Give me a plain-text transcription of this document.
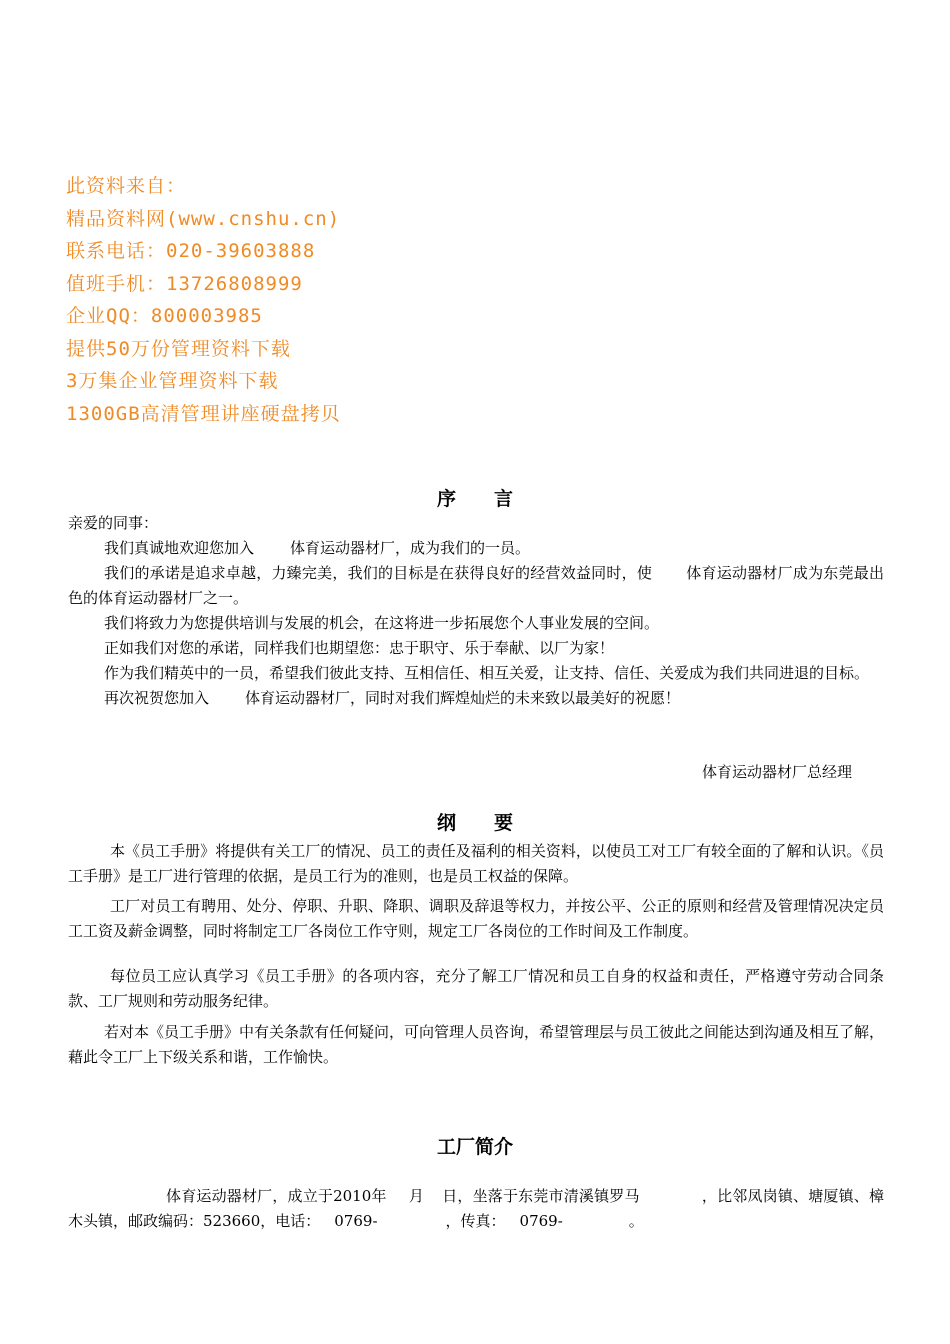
此资料来自：
精品资料网(www.cnshu.cn)
联系电话：020-39603888
值班手机：13726808999
企业QQ：800003985
提供50万份管理资料下载
3万集企业管理资料下载
1300GB高清管理讲座硬盘拷贝
序　　言

亲爱的同事：

我们真诚地欢迎您加入 体育运动器材厂，成为我们的一员。

我们的承诺是追求卓越，力臻完美，我们的目标是在获得良好的经营效益同时，使 体育运动器材厂成为东莞最出色的体育运动器材厂之一。

我们将致力为您提供培训与发展的机会，在这将进一步拓展您个人事业发展的空间。

正如我们对您的承诺，同样我们也期望您：忠于职守、乐于奉献、以厂为家！

作为我们精英中的一员，希望我们彼此支持、互相信任、相互关爱，让支持、信任、关爱成为我们共同进退的目标。

再次祝贺您加入 体育运动器材厂，同时对我们辉煌灿烂的未来致以最美好的祝愿！

体育运动器材厂总经理
纲　　要

本《员工手册》将提供有关工厂的情况、员工的责任及福利的相关资料，以使员工对工厂有较全面的了解和认识。《员工手册》是工厂进行管理的依据，是员工行为的准则，也是员工权益的保障。

工厂对员工有聘用、处分、停职、升职、降职、调职及辞退等权力，并按公平、公正的原则和经营及管理情况决定员工工资及薪金调整，同时将制定工厂各岗位工作守则，规定工厂各岗位的工作时间及工作制度。

每位员工应认真学习《员工手册》的各项内容，充分了解工厂情况和员工自身的权益和责任，严格遵守劳动合同条款、工厂规则和劳动服务纪律。

若对本《员工手册》中有关条款有任何疑问，可向管理人员咨询，希望管理层与员工彼此之间能达到沟通及相互了解，藉此令工厂上下级关系和谐，工作愉快。

工厂简介

体育运动器材厂，成立于2010年 月 日，坐落于东莞市清溪镇罗马	，比邻凤岗镇、塘厦镇、樟木头镇，邮政编码：523660，电话： 0769-	，传真： 0769-	。
